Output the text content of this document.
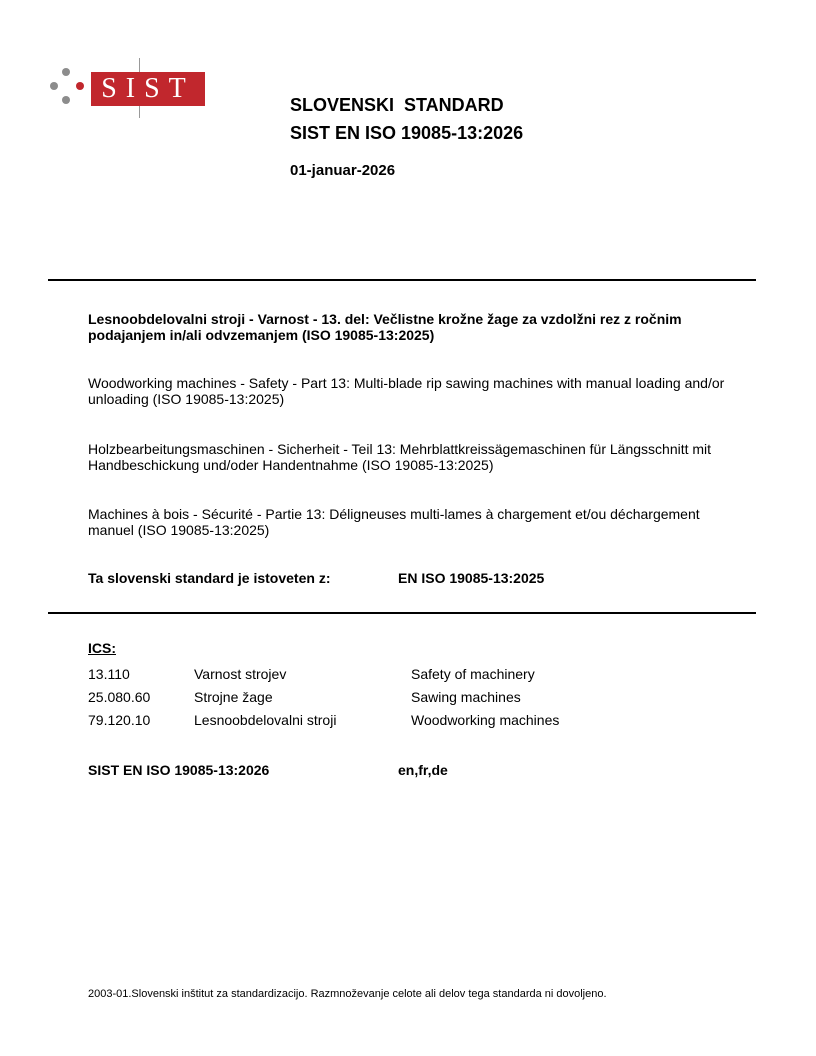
SIST
SLOVENSKI  STANDARD
SIST EN ISO 19085-13:2026
01-januar-2026
Lesnoobdelovalni stroji - Varnost - 13. del: Večlistne krožne žage za vzdolžni rez z ročnim podajanjem in/ali odvzemanjem (ISO 19085-13:2025)
Woodworking machines - Safety - Part 13: Multi-blade rip sawing machines with manual loading and/or unloading (ISO 19085-13:2025)
Holzbearbeitungsmaschinen - Sicherheit - Teil 13: Mehrblattkreissägemaschinen für Längsschnitt mit Handbeschickung und/oder Handentnahme (ISO 19085-13:2025)
Machines à bois - Sécurité - Partie 13: Déligneuses multi-lames à chargement et/ou déchargement manuel (ISO 19085-13:2025)
Ta slovenski standard je istoveten z:	EN ISO 19085-13:2025
ICS:
13.110	Varnost strojev	Safety of machinery
25.080.60	Strojne žage	Sawing machines
79.120.10	Lesnoobdelovalni stroji	Woodworking machines
SIST EN ISO 19085-13:2026	en,fr,de
2003-01.Slovenski inštitut za standardizacijo. Razmnoževanje celote ali delov tega standarda ni dovoljeno.
